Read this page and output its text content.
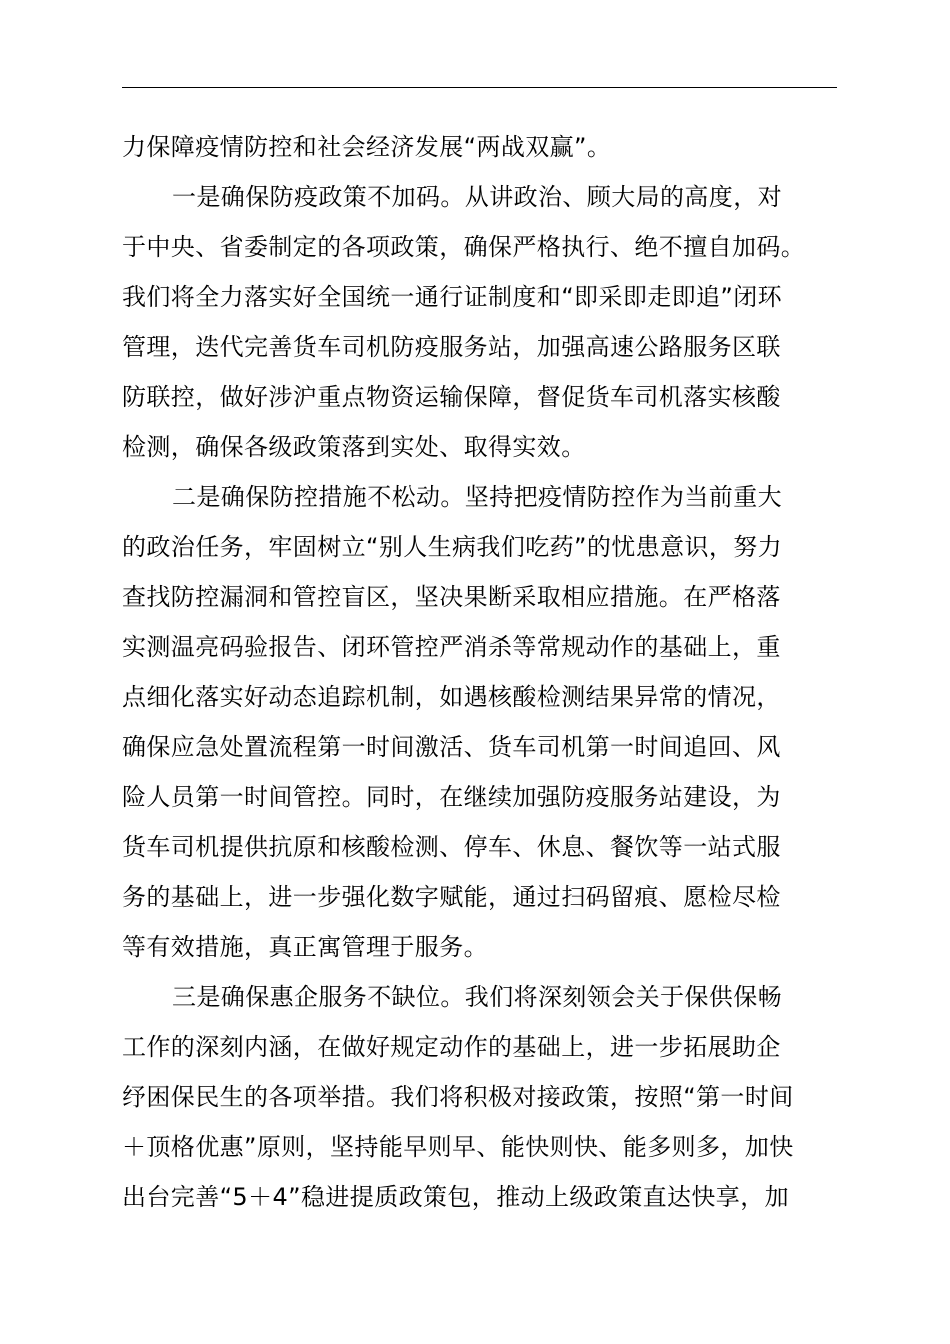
力保障疫情防控和社会经济发展“两战双赢”。
一是确保防疫政策不加码。从讲政治、顾大局的高度，对
于中央、省委制定的各项政策，确保严格执行、绝不擅自加码。
我们将全力落实好全国统一通行证制度和“即采即走即追”闭环
管理，迭代完善货车司机防疫服务站，加强高速公路服务区联
防联控，做好涉沪重点物资运输保障，督促货车司机落实核酸
检测，确保各级政策落到实处、取得实效。
二是确保防控措施不松动。坚持把疫情防控作为当前重大
的政治任务，牢固树立“别人生病我们吃药”的忧患意识，努力
查找防控漏洞和管控盲区，坚决果断采取相应措施。在严格落
实测温亮码验报告、闭环管控严消杀等常规动作的基础上，重
点细化落实好动态追踪机制，如遇核酸检测结果异常的情况，
确保应急处置流程第一时间激活、货车司机第一时间追回、风
险人员第一时间管控。同时，在继续加强防疫服务站建设，为
货车司机提供抗原和核酸检测、停车、休息、餐饮等一站式服
务的基础上，进一步强化数字赋能，通过扫码留痕、愿检尽检
等有效措施，真正寓管理于服务。
三是确保惠企服务不缺位。我们将深刻领会关于保供保畅
工作的深刻内涵，在做好规定动作的基础上，进一步拓展助企
纾困保民生的各项举措。我们将积极对接政策，按照“第一时间
＋顶格优惠”原则，坚持能早则早、能快则快、能多则多，加快
出台完善“5＋4”稳进提质政策包，推动上级政策直达快享，加
